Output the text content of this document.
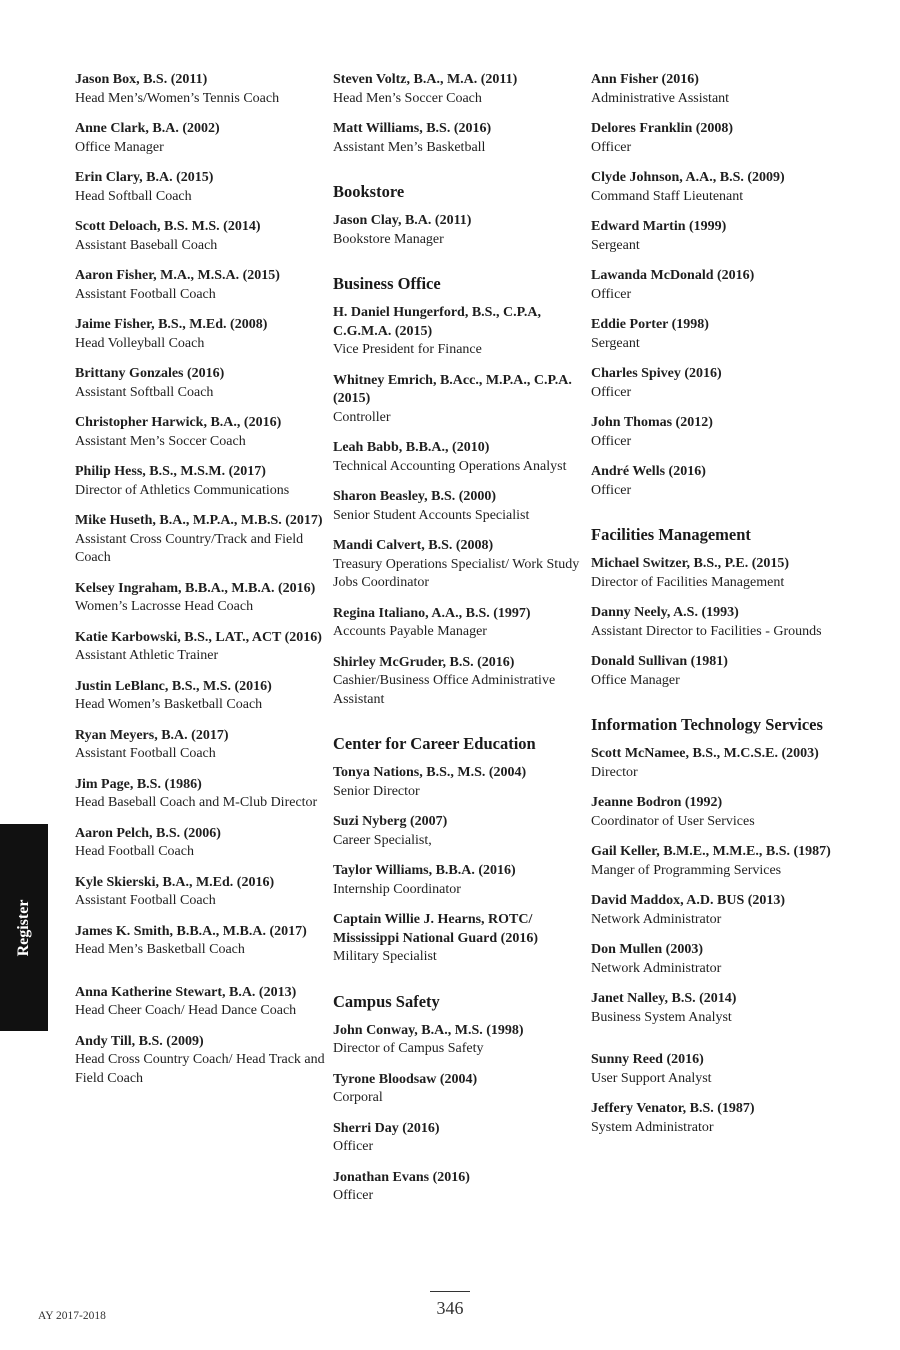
Jason Box, B.S. (2011)
Head Men’s/Women’s Tennis Coach
Anne Clark, B.A. (2002)
Office Manager
Erin Clary, B.A. (2015)
Head Softball Coach
Scott Deloach, B.S. M.S. (2014)
Assistant Baseball Coach
Aaron Fisher, M.A., M.S.A. (2015)
Assistant Football Coach
Jaime Fisher, B.S., M.Ed. (2008)
Head Volleyball Coach
Brittany Gonzales (2016)
Assistant Softball Coach
Christopher Harwick, B.A., (2016)
Assistant Men’s Soccer Coach
Philip Hess, B.S., M.S.M. (2017)
Director of Athletics Communications
Mike Huseth, B.A., M.P.A., M.B.S. (2017)
Assistant Cross Country/Track and Field Coach
Kelsey Ingraham, B.B.A., M.B.A. (2016)
Women’s Lacrosse Head Coach
Katie Karbowski, B.S., LAT., ACT (2016)
Assistant Athletic Trainer
Justin LeBlanc, B.S., M.S. (2016)
Head Women’s Basketball Coach
Ryan Meyers, B.A. (2017)
Assistant Football Coach
Jim Page, B.S. (1986)
Head Baseball Coach and M-Club Director
Aaron Pelch, B.S. (2006)
Head Football Coach
Kyle Skierski, B.A., M.Ed. (2016)
Assistant Football Coach
James K. Smith, B.B.A., M.B.A. (2017)
Head Men’s Basketball Coach
Anna Katherine Stewart, B.A. (2013)
Head Cheer Coach/ Head Dance Coach
Andy Till, B.S. (2009)
Head Cross Country Coach/ Head Track and Field Coach
Steven Voltz, B.A., M.A. (2011)
Head Men’s Soccer Coach
Matt Williams, B.S. (2016)
Assistant Men’s Basketball
Bookstore
Jason Clay, B.A. (2011)
Bookstore Manager
Business Office
H. Daniel Hungerford, B.S., C.P.A, C.G.M.A. (2015)
Vice President for Finance
Whitney Emrich, B.Acc., M.P.A., C.P.A. (2015)
Controller
Leah Babb, B.B.A., (2010)
Technical Accounting Operations Analyst
Sharon Beasley, B.S. (2000)
Senior Student Accounts Specialist
Mandi Calvert, B.S. (2008)
Treasury Operations Specialist/ Work Study Jobs Coordinator
Regina Italiano, A.A., B.S. (1997)
Accounts Payable Manager
Shirley McGruder, B.S. (2016)
Cashier/Business Office Administrative Assistant
Center for Career Education
Tonya Nations, B.S., M.S. (2004)
Senior Director
Suzi Nyberg (2007)
Career Specialist,
Taylor Williams, B.B.A. (2016)
Internship Coordinator
Captain Willie J. Hearns, ROTC/ Mississippi National Guard (2016)
Military Specialist
Campus Safety
John Conway, B.A., M.S. (1998)
Director of Campus Safety
Tyrone Bloodsaw (2004)
Corporal
Sherri Day (2016)
Officer
Jonathan Evans (2016)
Officer
Ann Fisher (2016)
Administrative Assistant
Delores Franklin (2008)
Officer
Clyde Johnson, A.A., B.S. (2009)
Command Staff Lieutenant
Edward Martin (1999)
Sergeant
Lawanda McDonald (2016)
Officer
Eddie Porter (1998)
Sergeant
Charles Spivey (2016)
Officer
John Thomas (2012)
Officer
André Wells (2016)
Officer
Facilities Management
Michael Switzer, B.S., P.E. (2015)
Director of Facilities Management
Danny Neely, A.S. (1993)
Assistant Director to Facilities - Grounds
Donald Sullivan (1981)
Office Manager
Information Technology Services
Scott McNamee, B.S., M.C.S.E. (2003)
Director
Jeanne Bodron (1992)
Coordinator of User Services
Gail Keller, B.M.E., M.M.E., B.S. (1987)
Manger of Programming Services
David Maddox, A.D. BUS (2013)
Network Administrator
Don Mullen (2003)
Network Administrator
Janet Nalley, B.S. (2014)
Business System Analyst
Sunny Reed (2016)
User Support Analyst
Jeffery Venator, B.S. (1987)
System Administrator
Register
AY 2017-2018	346
